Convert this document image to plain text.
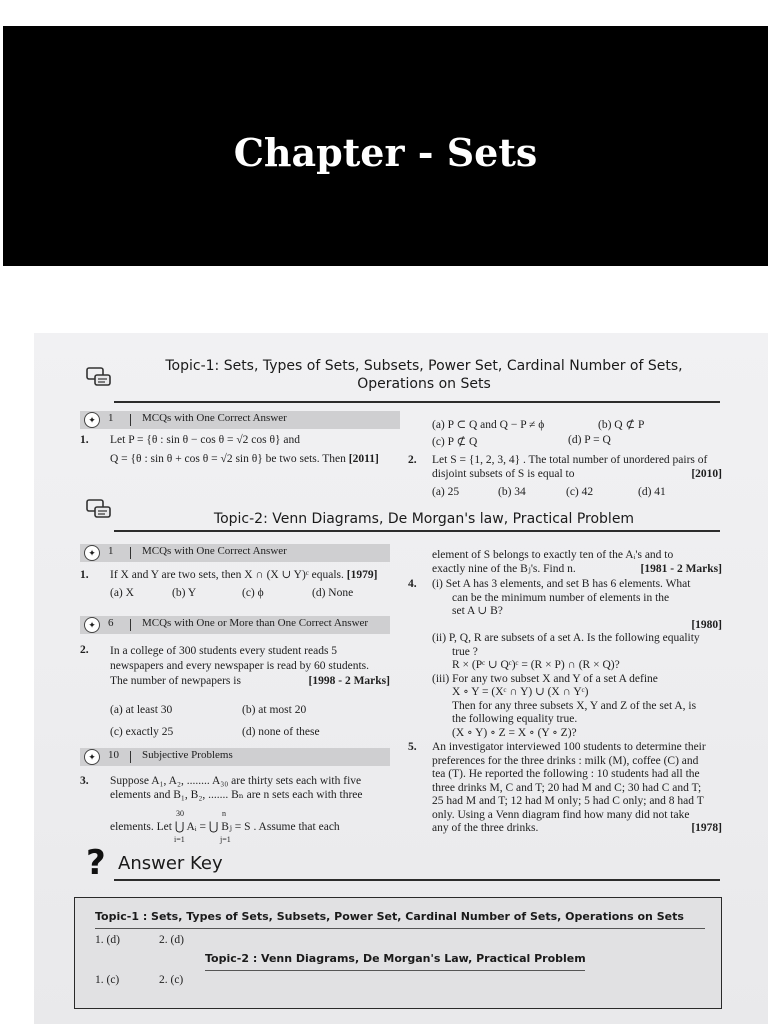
Chapter - Sets
Topic-1: Sets, Types of Sets, Subsets, Power Set, Cardinal Number of Sets,
Operations on Sets
✦	1	MCQs with One Correct Answer
1. Let P = {θ : sin θ − cos θ = √2 cos θ} and
Q = {θ : sin θ + cos θ = √2 sin θ} be two sets. Then [2011]
(a) P ⊂ Q and Q − P ≠ ϕ	(b) Q ⊄ P
(c) P ⊄ Q	(d) P = Q
2. Let S = {1, 2, 3, 4} . The total number of unordered pairs of
disjoint subsets of S is equal to	[2010]
(a) 25	(b) 34	(c) 42	(d) 41
Topic-2: Venn Diagrams, De Morgan's law, Practical Problem
✦	1	MCQs with One Correct Answer
1. If X and Y are two sets, then X ∩ (X ∪ Y)ᶜ equals. [1979]
(a) X	(b) Y	(c) ϕ	(d) None
✦	6	MCQs with One or More than One Correct Answer
2. In a college of 300 students every student reads 5
newspapers and every newspaper is read by 60 students.
The number of newpapers is	[1998 - 2 Marks]
(a) at least 30	(b) at most 20
(c) exactly 25	(d) none of these
✦	10 Subjective Problems
3. Suppose A₁, A₂, ........ A₃₀ are thirty sets each with five
elements and B₁, B₂, ....... Bₙ are n sets each with three
30	n
elements. Let ⋃ Aᵢ = ⋃ Bⱼ = S . Assume that each
i=1	j=1
element of S belongs to exactly ten of the Aᵢ's and to
exactly nine of the Bⱼ's. Find n.	[1981 - 2 Marks]
4. (i) Set A has 3 elements, and set B has 6 elements. What
can be the minimum number of elements in the
set A ∪ B?
[1980]
(ii) P, Q, R are subsets of a set A. Is the following equality
true ?
R × (Pᶜ ∪ Qᶜ)ᶜ = (R × P) ∩ (R × Q)?
(iii) For any two subset X and Y of a set A define
X ∘ Y = (Xᶜ ∩ Y) ∪ (X ∩ Yᶜ)
Then for any three subsets X, Y and Z of the set A, is
the following equality true.
(X ∘ Y) ∘ Z = X ∘ (Y ∘ Z)?
5. An investigator interviewed 100 students to determine their
preferences for the three drinks : milk (M), coffee (C) and
tea (T). He reported the following : 10 students had all the
three drinks M, C and T; 20 had M and C; 30 had C and T;
25 had M and T; 12 had M only; 5 had C only; and 8 had T
only. Using a Venn diagram find how many did not take
any of the three drinks.	[1978]
? Answer Key
Topic-1 : Sets, Types of Sets, Subsets, Power Set, Cardinal Number of Sets, Operations on Sets
1. (d)	2. (d)
Topic-2 : Venn Diagrams, De Morgan's Law, Practical Problem
1. (c)	2. (c)
